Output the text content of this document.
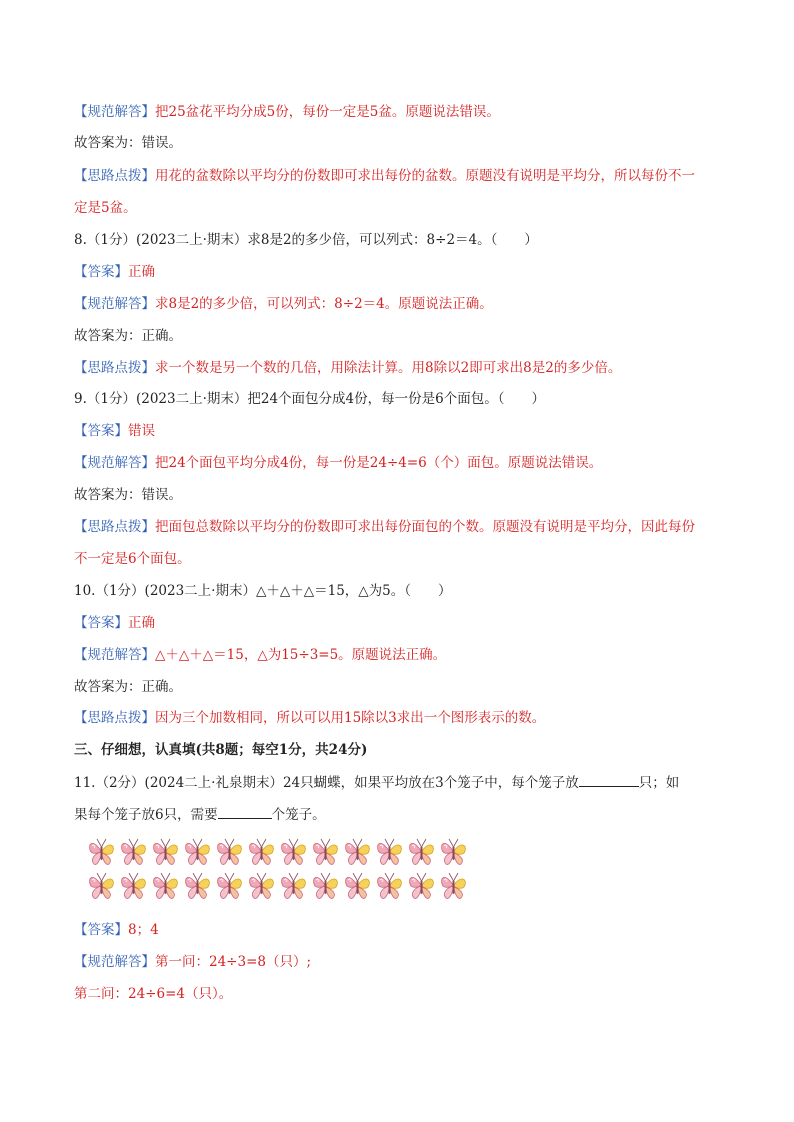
【规范解答】把25盆花平均分成5份，每份一定是5盆。原题说法错误。
故答案为：错误。
【思路点拨】用花的盆数除以平均分的份数即可求出每份的盆数。原题没有说明是平均分，所以每份不一
定是5盆。
8.（1分）(2023二上·期末）求8是2的多少倍，可以列式：8÷2＝4。（　　）
【答案】正确
【规范解答】求8是2的多少倍，可以列式：8÷2＝4。原题说法正确。
故答案为：正确。
【思路点拨】求一个数是另一个数的几倍，用除法计算。用8除以2即可求出8是2的多少倍。
9.（1分）(2023二上·期末）把24个面包分成4份，每一份是6个面包。（　　）
【答案】错误
【规范解答】把24个面包平均分成4份，每一份是24÷4=6（个）面包。原题说法错误。
故答案为：错误。
【思路点拨】把面包总数除以平均分的份数即可求出每份面包的个数。原题没有说明是平均分，因此每份
不一定是6个面包。
10.（1分）(2023二上·期末）△＋△＋△＝15，△为5。（　　）
【答案】正确
【规范解答】△＋△＋△＝15，△为15÷3=5。原题说法正确。
故答案为：正确。
【思路点拨】因为三个加数相同，所以可以用15除以3求出一个图形表示的数。
三、仔细想，认真填(共8题；每空1分，共24分)
11.（2分）(2024二上·礼泉期末）24只蝴蝶，如果平均放在3个笼子中，每个笼子放	只；如
果每个笼子放6只，需要	个笼子。
【答案】8；4
【规范解答】第一问：24÷3=8（只）;
第二问：24÷6=4（只）。
